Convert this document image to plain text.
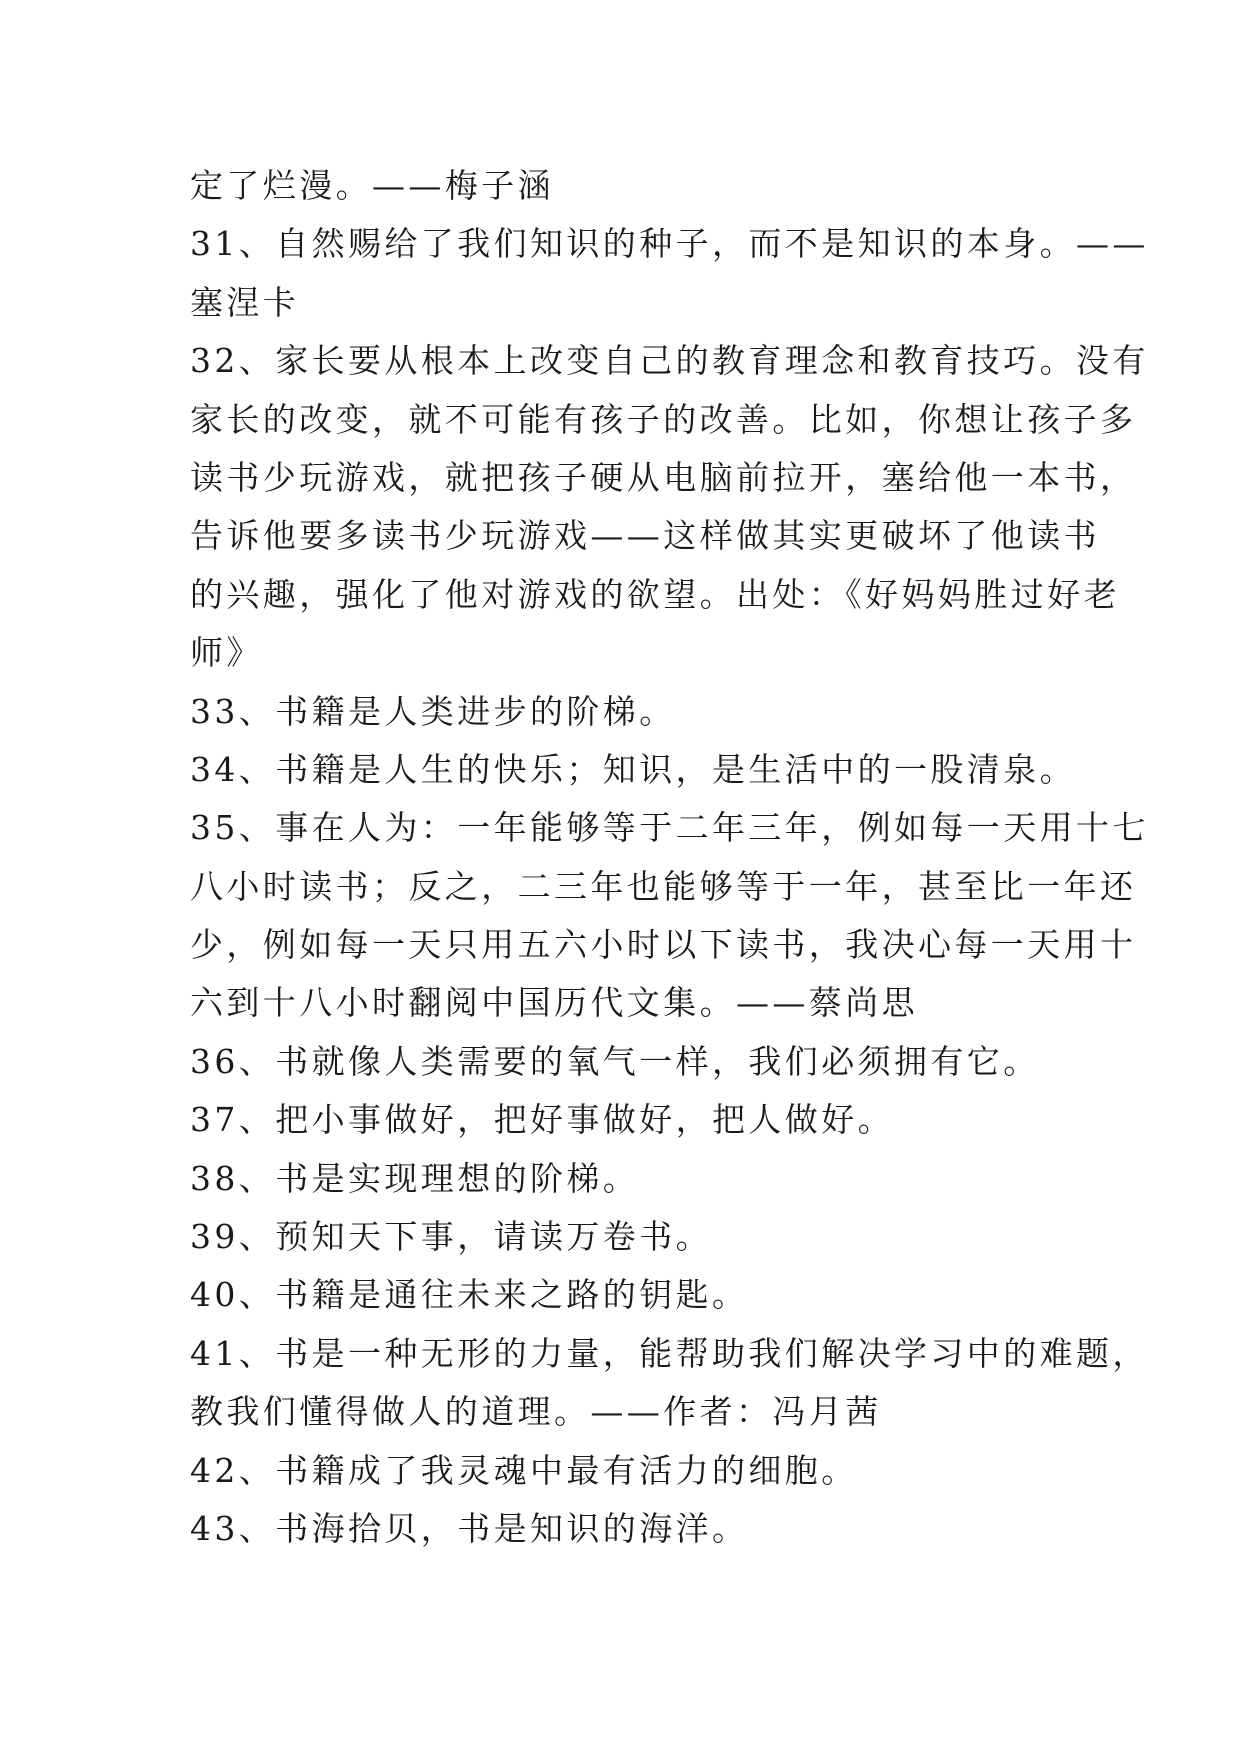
定了烂漫。——梅子涵
31、自然赐给了我们知识的种子，而不是知识的本身。——
塞涅卡
32、家长要从根本上改变自己的教育理念和教育技巧。没有
家长的改变，就不可能有孩子的改善。比如，你想让孩子多
读书少玩游戏，就把孩子硬从电脑前拉开，塞给他一本书，
告诉他要多读书少玩游戏——这样做其实更破坏了他读书
的兴趣，强化了他对游戏的欲望。出处：《好妈妈胜过好老
师》
33、书籍是人类进步的阶梯。
34、书籍是人生的快乐；知识，是生活中的一股清泉。
35、事在人为：一年能够等于二年三年，例如每一天用十七
八小时读书；反之，二三年也能够等于一年，甚至比一年还
少，例如每一天只用五六小时以下读书，我决心每一天用十
六到十八小时翻阅中国历代文集。——蔡尚思
36、书就像人类需要的氧气一样，我们必须拥有它。
37、把小事做好，把好事做好，把人做好。
38、书是实现理想的阶梯。
39、预知天下事，请读万卷书。
40、书籍是通往未来之路的钥匙。
41、书是一种无形的力量，能帮助我们解决学习中的难题，
教我们懂得做人的道理。——作者：冯月茜
42、书籍成了我灵魂中最有活力的细胞。
43、书海拾贝，书是知识的海洋。
